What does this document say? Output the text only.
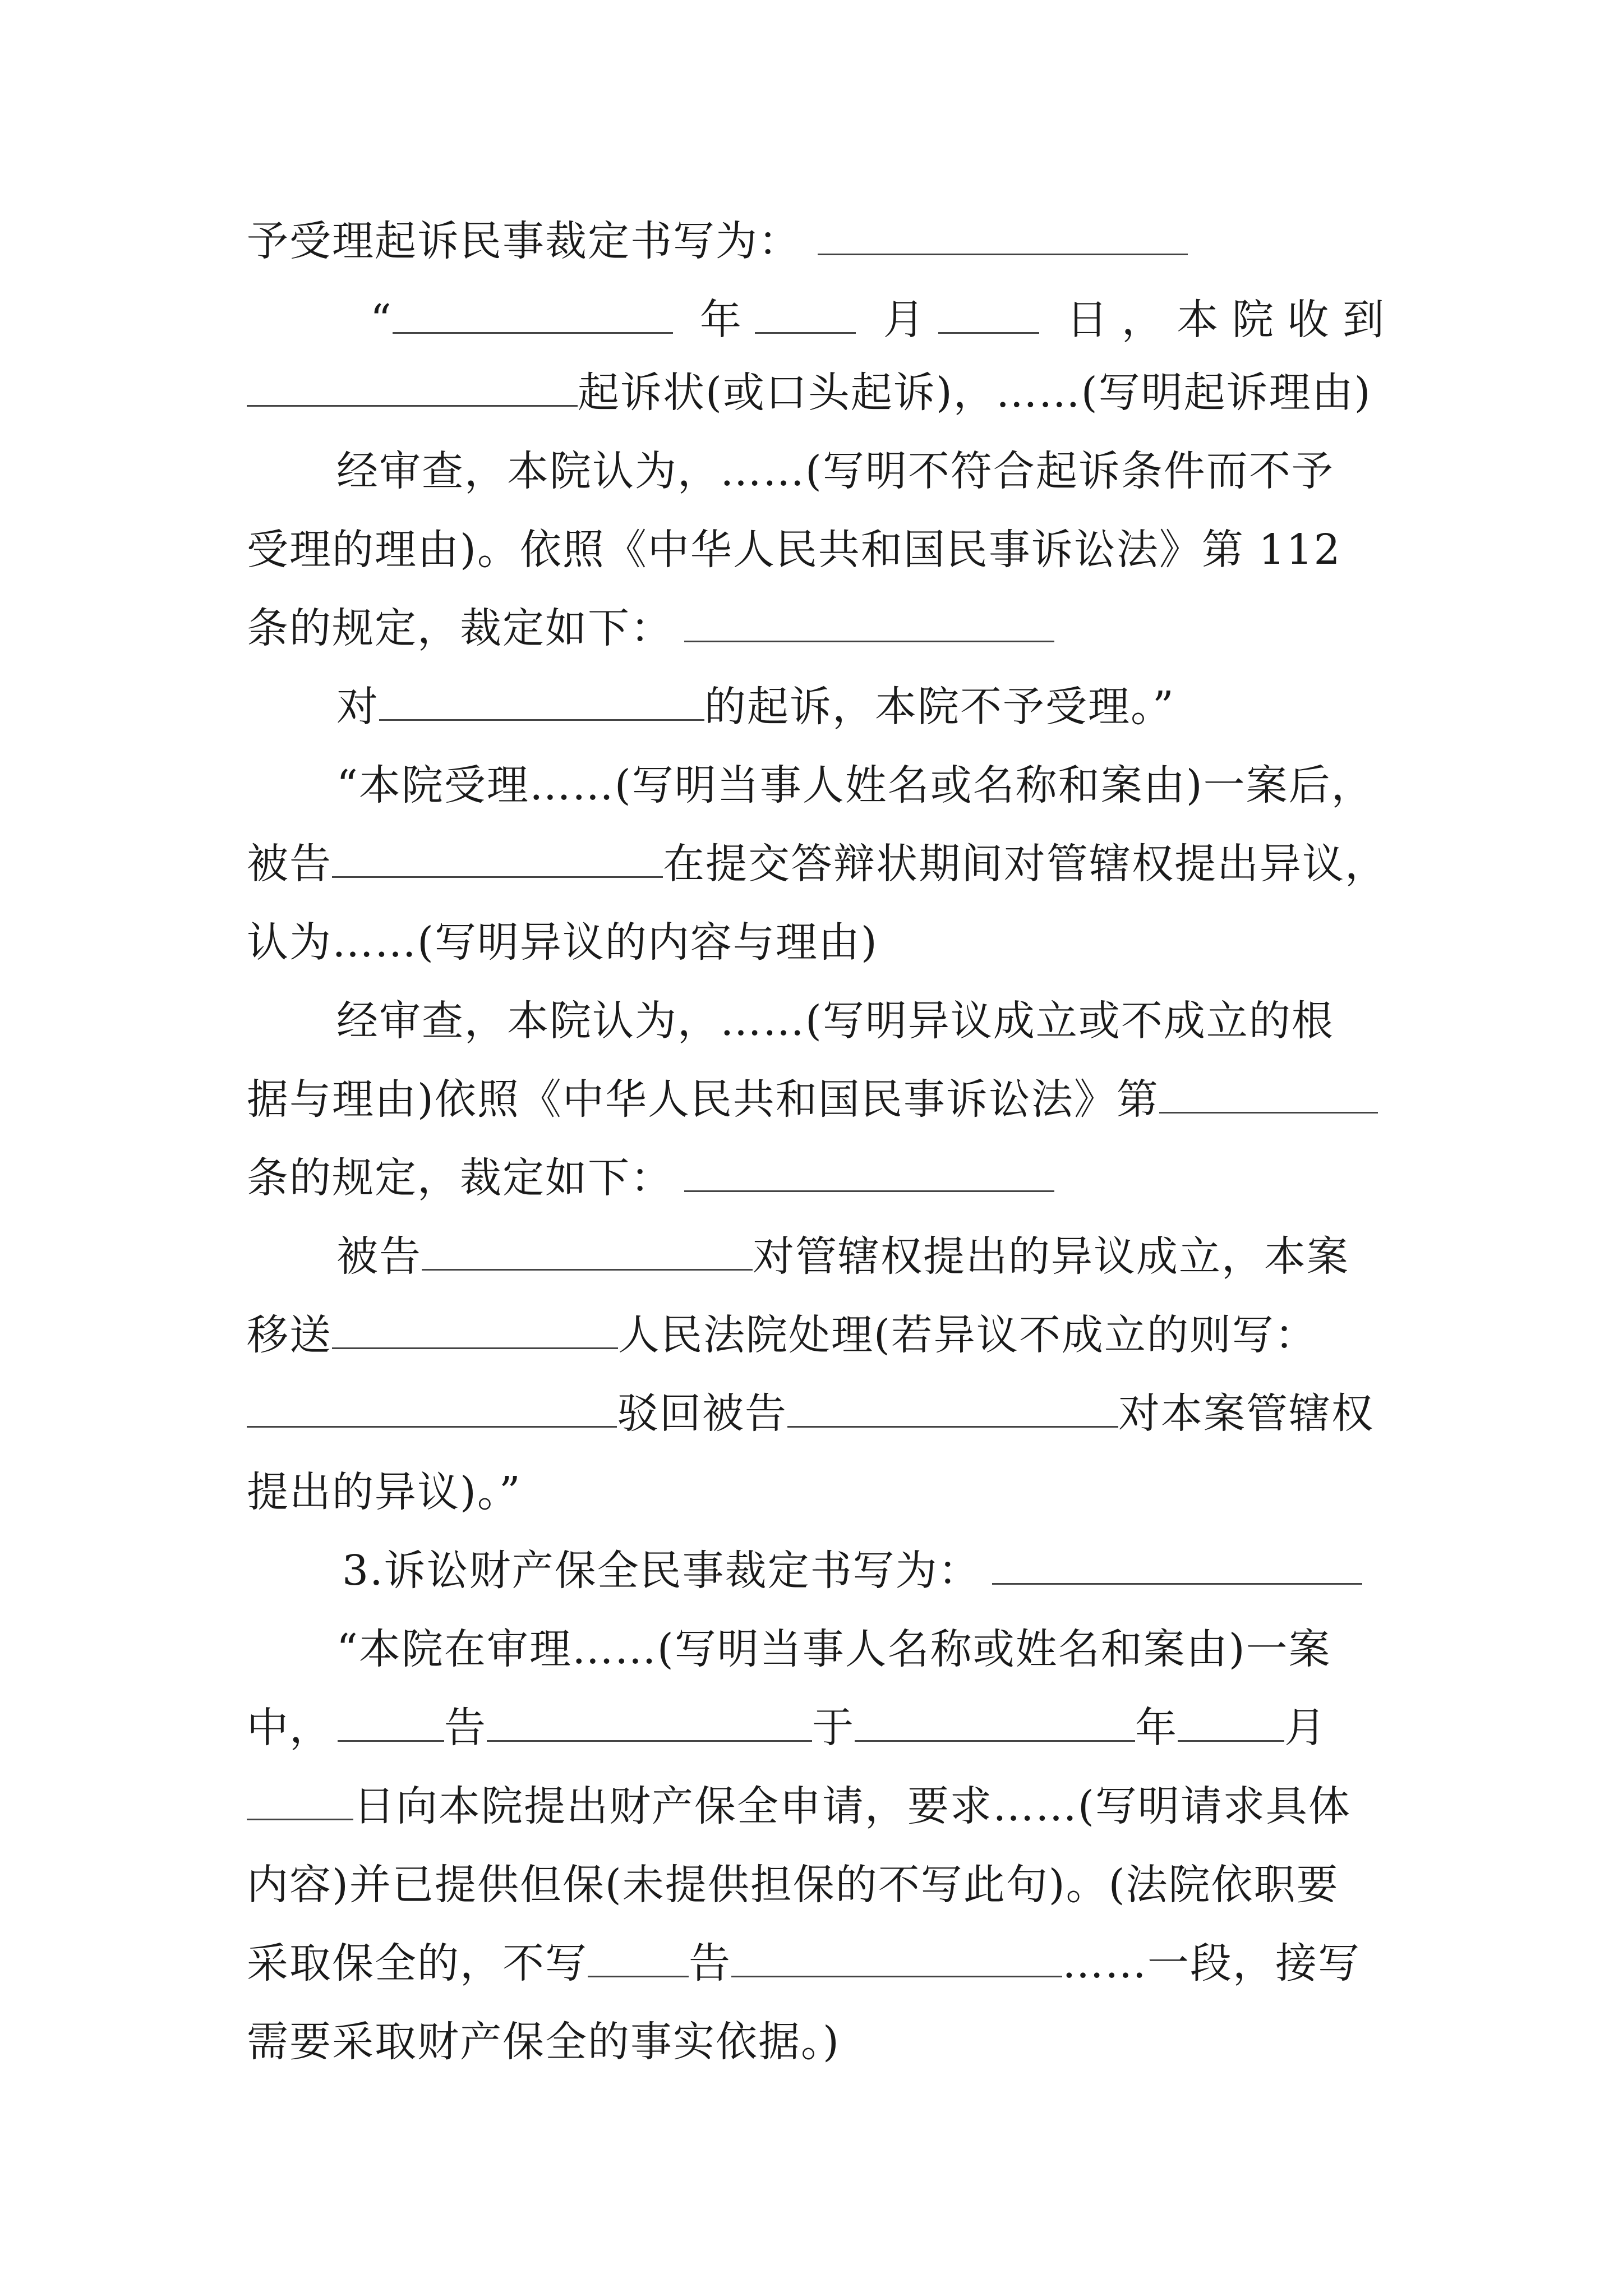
予受理起诉民事裁定书写为：
“	年 月 日，本院收到
起诉状(或口头起诉)，……(写明起诉理由)
经审查，本院认为，……(写明不符合起诉条件而不予
受理的理由)。依照《中华人民共和国民事诉讼法》第 112
条的规定，裁定如下：
对	的起诉，本院不予受理。”
“本院受理……(写明当事人姓名或名称和案由)一案后，
被告	在提交答辩状期间对管辖权提出异议，
认为……(写明异议的内容与理由)
经审查，本院认为，……(写明异议成立或不成立的根
据与理由)依照《中华人民共和国民事诉讼法》第
条的规定，裁定如下：
被告	对管辖权提出的异议成立，本案
移送	人民法院处理(若异议不成立的则写：
驳回被告	对本案管辖权
提出的异议)。”
3.诉讼财产保全民事裁定书写为：
“本院在审理……(写明当事人名称或姓名和案由)一案
中，	告	于	年	月
日向本院提出财产保全申请，要求……(写明请求具体
内容)并已提供但保(未提供担保的不写此句)。(法院依职要
采取保全的，不写 告	……一段，接写
需要采取财产保全的事实依据。)
